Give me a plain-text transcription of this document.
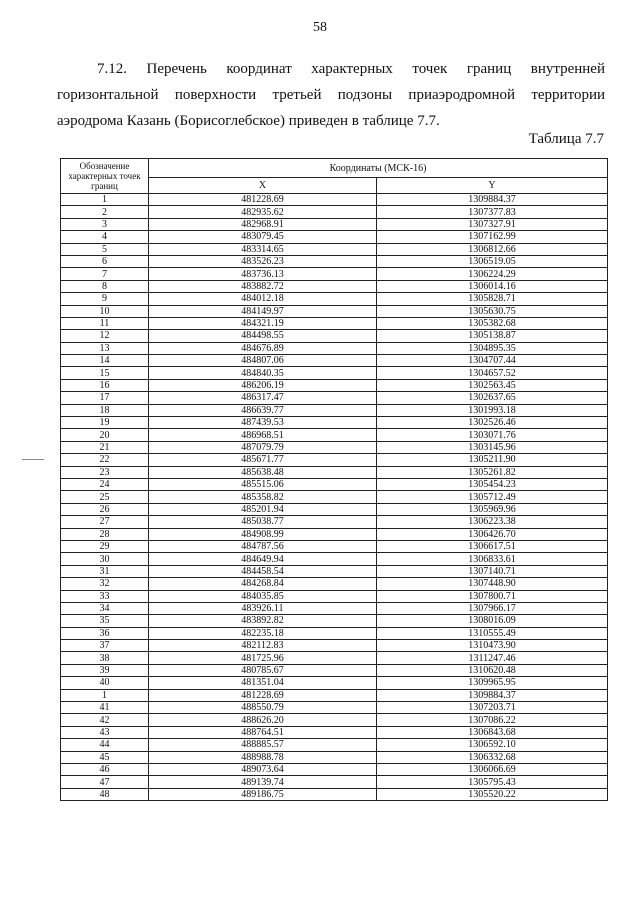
58
7.12. Перечень координат характерных точек границ внутренней горизонтальной поверхности третьей подзоны приаэродромной территории аэродрома Казань (Борисоглебское) приведен в таблице 7.7.
Таблица 7.7
Обозначение характерных точек границ	Координаты (МСК-16)	
	X	Y
1	481228.69	1309884.37
2	482935.62	1307377.83
3	482968.91	1307327.91
4	483079.45	1307162.99
5	483314.65	1306812.66
6	483526.23	1306519.05
7	483736.13	1306224.29
8	483882.72	1306014.16
9	484012.18	1305828.71
10	484149.97	1305630.75
11	484321.19	1305382.68
12	484498.55	1305138.87
13	484676.89	1304895.35
14	484807.06	1304707.44
15	484840.35	1304657.52
16	486206.19	1302563.45
17	486317.47	1302637.65
18	486639.77	1301993.18
19	487439.53	1302526.46
20	486968.51	1303071.76
21	487079.79	1303145.96
22	485671.77	1305211.90
23	485638.48	1305261.82
24	485515.06	1305454.23
25	485358.82	1305712.49
26	485201.94	1305969.96
27	485038.77	1306223.38
28	484908.99	1306426.70
29	484787.56	1306617.51
30	484649.94	1306833.61
31	484458.54	1307140.71
32	484268.84	1307448.90
33	484035.85	1307800.71
34	483926.11	1307966.17
35	483892.82	1308016.09
36	482235.18	1310555.49
37	482112.83	1310473.90
38	481725.96	1311247.46
39	480785.67	1310620.48
40	481351.04	1309965.95
1	481228.69	1309884.37
41	488550.79	1307203.71
42	488626.20	1307086.22
43	488764.51	1306843.68
44	488885.57	1306592.10
45	488988.78	1306332.68
46	489073.64	1306066.69
47	489139.74	1305795.43
48	489186.75	1305520.22
